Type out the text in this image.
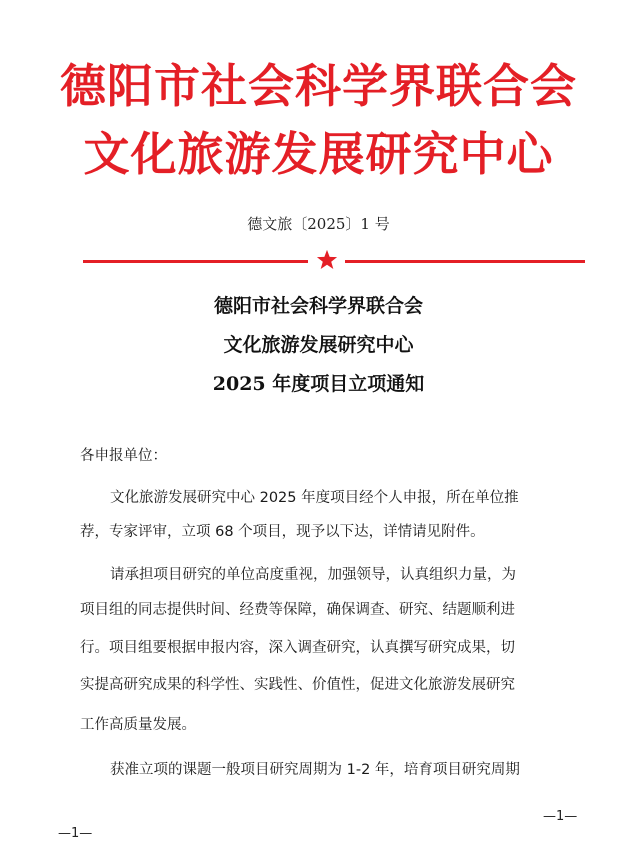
德阳市社会科学界联合会
文化旅游发展研究中心
德文旅〔2025〕1 号
德阳市社会科学界联合会
文化旅游发展研究中心
2025 年度项目立项通知
各申报单位：
文化旅游发展研究中心 2025 年度项目经个人申报，所在单位推
荐，专家评审，立项 68 个项目，现予以下达，详情请见附件。
请承担项目研究的单位高度重视，加强领导，认真组织力量，为
项目组的同志提供时间、经费等保障，确保调查、研究、结题顺利进
行。项目组要根据申报内容，深入调查研究，认真撰写研究成果，切
实提高研究成果的科学性、实践性、价值性，促进文化旅游发展研究
工作高质量发展。
获准立项的课题一般项目研究周期为 1-2 年，培育项目研究周期
—1—
—1—
